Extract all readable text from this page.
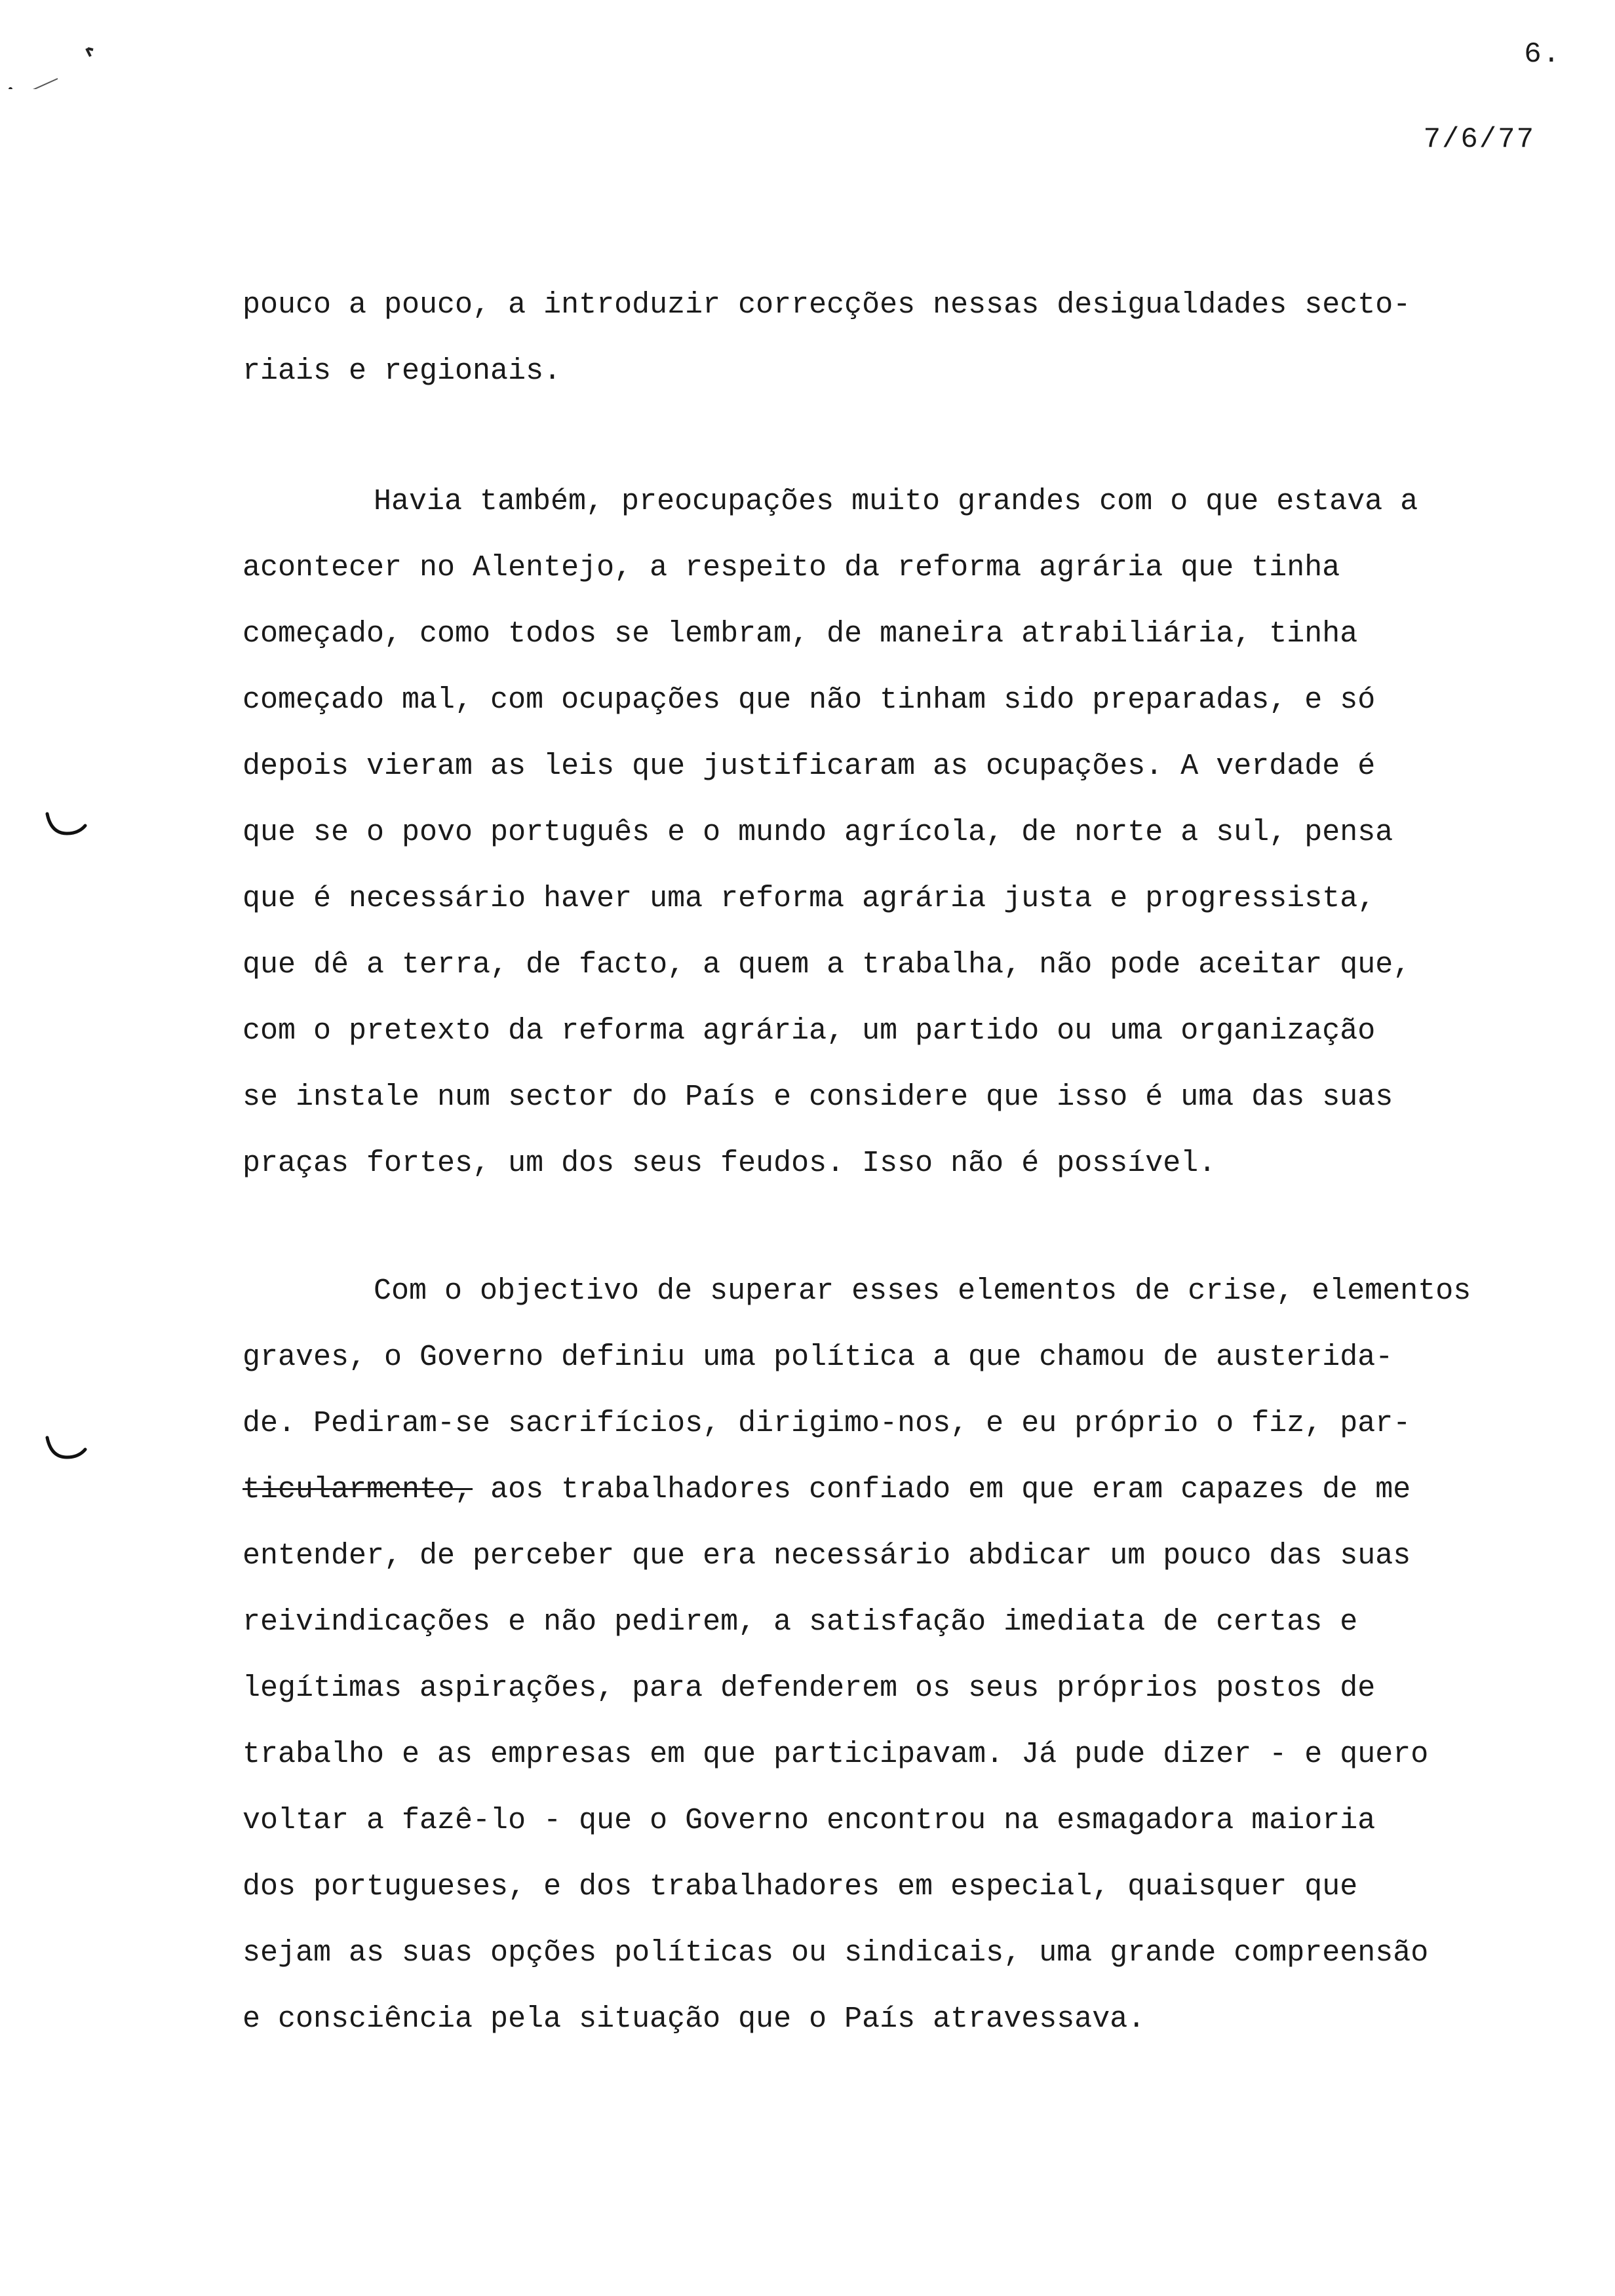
6.
7/6/77
pouco a pouco, a introduzir correcções nessas desigualdades secto-
riais e regionais.
Havia também, preocupações muito grandes com o que estava a
acontecer no Alentejo, a respeito da reforma agrária que tinha
começado, como todos se lembram, de maneira atrabiliária, tinha
começado mal, com ocupações que não tinham sido preparadas, e só
depois vieram as leis que justificaram as ocupações. A verdade é
que se o povo português e o mundo agrícola, de norte a sul, pensa
que é necessário haver uma reforma agrária justa e progressista,
que dê a terra, de facto, a quem a trabalha, não pode aceitar que,
com o pretexto da reforma agrária, um partido ou uma organização
se instale num sector do País e considere que isso é uma das suas
praças fortes, um dos seus feudos. Isso não é possível.
Com o objectivo de superar esses elementos de crise, elementos
graves, o Governo definiu uma política a que chamou de austerida-
de. Pediram-se sacrifícios, dirigimo-nos, e eu próprio o fiz, par-
ticularmente, aos trabalhadores confiado em que eram capazes de me
entender, de perceber que era necessário abdicar um pouco das suas
reivindicações e não pedirem, a satisfação imediata de certas e
legítimas aspirações, para defenderem os seus próprios postos de
trabalho e as empresas em que participavam. Já pude dizer - e quero
voltar a fazê-lo - que o Governo encontrou na esmagadora maioria
dos portugueses, e dos trabalhadores em especial, quaisquer que
sejam as suas opções políticas ou sindicais, uma grande compreensão
e consciência pela situação que o País atravessava.
